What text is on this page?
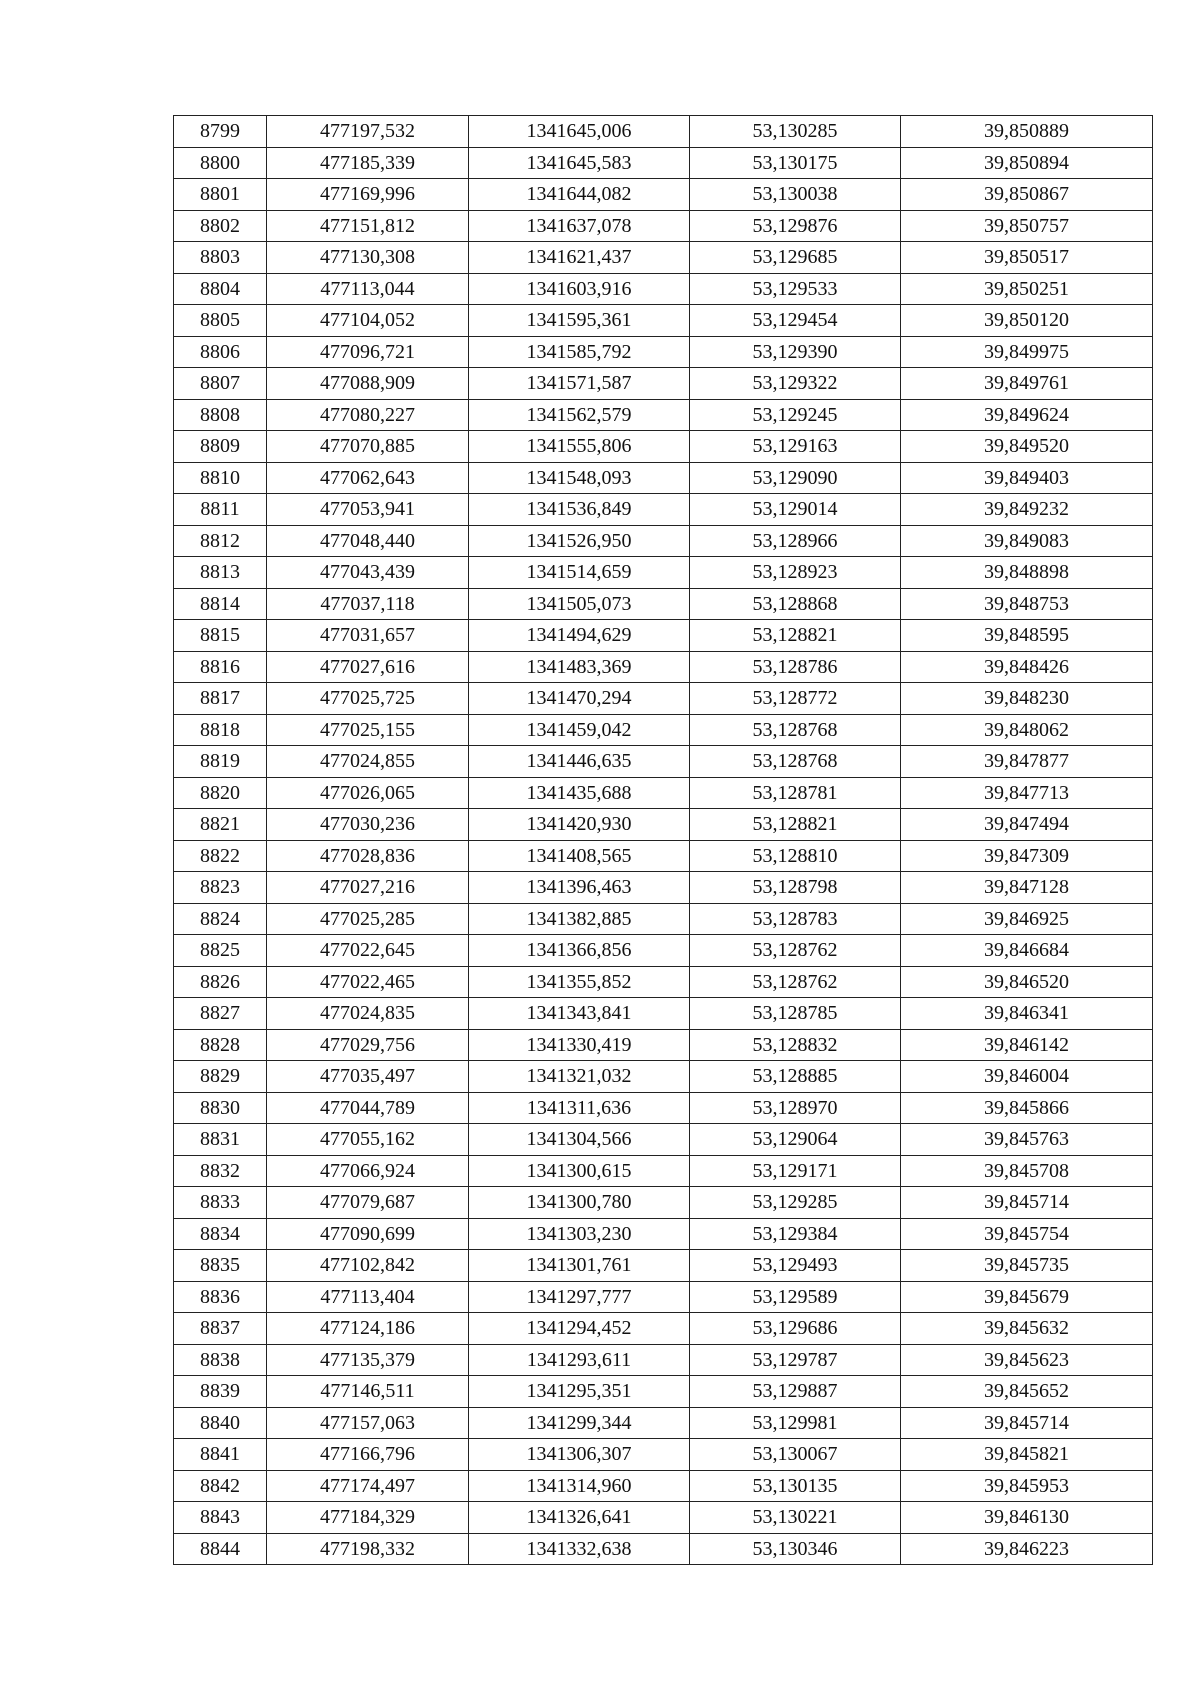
8799	477197,532	1341645,006	53,130285	39,850889
8800	477185,339	1341645,583	53,130175	39,850894
8801	477169,996	1341644,082	53,130038	39,850867
8802	477151,812	1341637,078	53,129876	39,850757
8803	477130,308	1341621,437	53,129685	39,850517
8804	477113,044	1341603,916	53,129533	39,850251
8805	477104,052	1341595,361	53,129454	39,850120
8806	477096,721	1341585,792	53,129390	39,849975
8807	477088,909	1341571,587	53,129322	39,849761
8808	477080,227	1341562,579	53,129245	39,849624
8809	477070,885	1341555,806	53,129163	39,849520
8810	477062,643	1341548,093	53,129090	39,849403
8811	477053,941	1341536,849	53,129014	39,849232
8812	477048,440	1341526,950	53,128966	39,849083
8813	477043,439	1341514,659	53,128923	39,848898
8814	477037,118	1341505,073	53,128868	39,848753
8815	477031,657	1341494,629	53,128821	39,848595
8816	477027,616	1341483,369	53,128786	39,848426
8817	477025,725	1341470,294	53,128772	39,848230
8818	477025,155	1341459,042	53,128768	39,848062
8819	477024,855	1341446,635	53,128768	39,847877
8820	477026,065	1341435,688	53,128781	39,847713
8821	477030,236	1341420,930	53,128821	39,847494
8822	477028,836	1341408,565	53,128810	39,847309
8823	477027,216	1341396,463	53,128798	39,847128
8824	477025,285	1341382,885	53,128783	39,846925
8825	477022,645	1341366,856	53,128762	39,846684
8826	477022,465	1341355,852	53,128762	39,846520
8827	477024,835	1341343,841	53,128785	39,846341
8828	477029,756	1341330,419	53,128832	39,846142
8829	477035,497	1341321,032	53,128885	39,846004
8830	477044,789	1341311,636	53,128970	39,845866
8831	477055,162	1341304,566	53,129064	39,845763
8832	477066,924	1341300,615	53,129171	39,845708
8833	477079,687	1341300,780	53,129285	39,845714
8834	477090,699	1341303,230	53,129384	39,845754
8835	477102,842	1341301,761	53,129493	39,845735
8836	477113,404	1341297,777	53,129589	39,845679
8837	477124,186	1341294,452	53,129686	39,845632
8838	477135,379	1341293,611	53,129787	39,845623
8839	477146,511	1341295,351	53,129887	39,845652
8840	477157,063	1341299,344	53,129981	39,845714
8841	477166,796	1341306,307	53,130067	39,845821
8842	477174,497	1341314,960	53,130135	39,845953
8843	477184,329	1341326,641	53,130221	39,846130
8844	477198,332	1341332,638	53,130346	39,846223
